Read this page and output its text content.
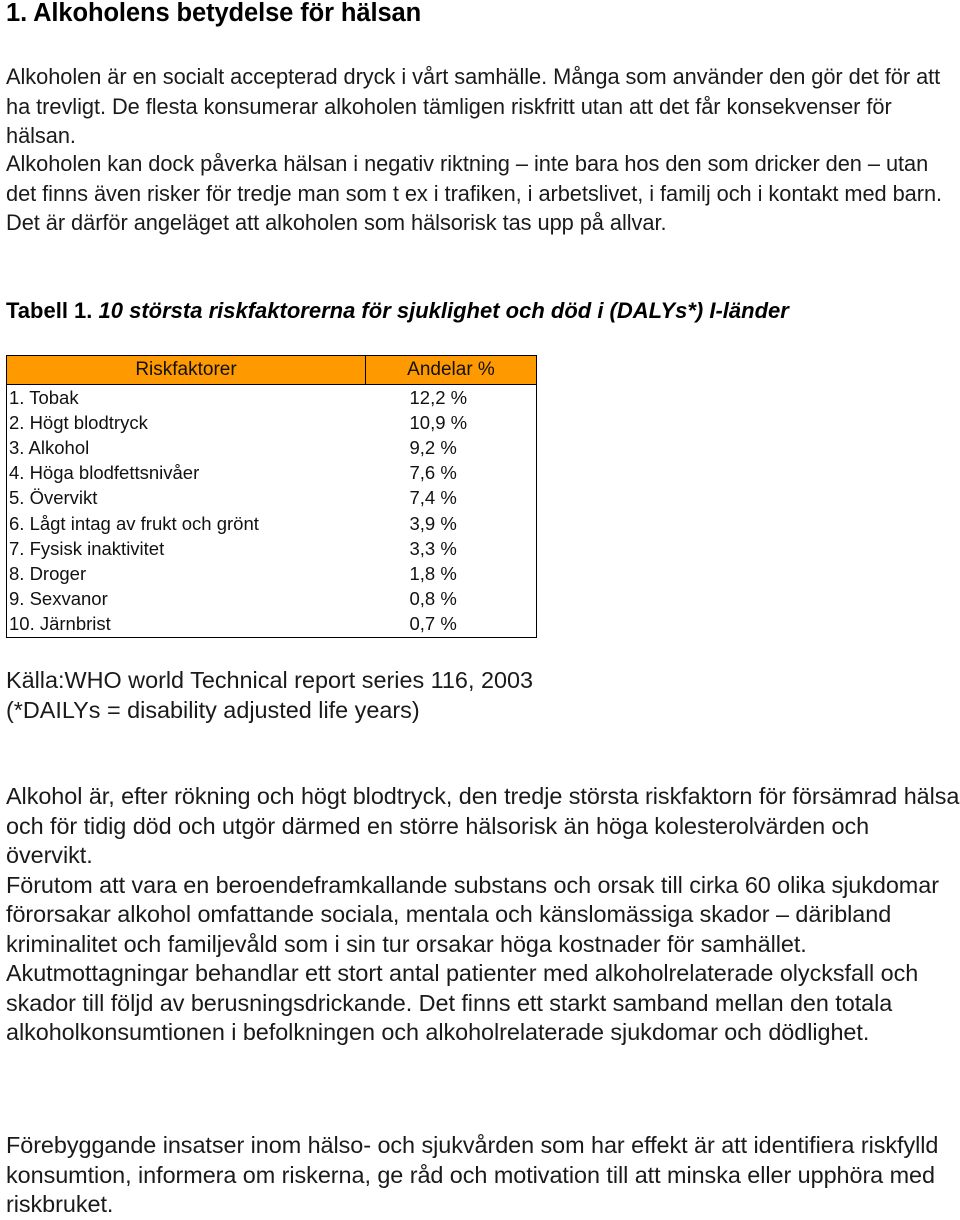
1. Alkoholens betydelse för hälsan

Alkoholen är en socialt accepterad dryck i vårt samhälle. Många som använder den gör det för att ha trevligt. De flesta konsumerar alkoholen tämligen riskfritt utan att det får konsekvenser för hälsan.

Alkoholen kan dock påverka hälsan i negativ riktning – inte bara hos den som dricker den – utan det finns även risker för tredje man som t ex i trafiken, i arbetslivet, i familj och i kontakt med barn. Det är därför angeläget att alkoholen som hälsorisk tas upp på allvar.

Tabell 1. 10 största riskfaktorerna för sjuklighet och död i (DALYs*) I-länder
Riskfaktorer	Andelar %
1. Tobak	12,2 %
2. Högt blodtryck	10,9 %
3. Alkohol	9,2 %
4. Höga blodfettsnivåer	7,6 %
5. Övervikt	7,4 %
6. Lågt intag av frukt och grönt	3,9 %
7. Fysisk inaktivitet	3,3 %
8. Droger	1,8 %
9. Sexvanor	0,8 %
10. Järnbrist	0,7 %
Källa:WHO world Technical report series 116, 2003
(*DAILYs = disability adjusted life years)
Alkohol är, efter rökning och högt blodtryck, den tredje största riskfaktorn för försämrad hälsa och för tidig död och utgör därmed en större hälsorisk än höga kolesterolvärden och övervikt.
Förutom att vara en beroendeframkallande substans och orsak till cirka 60 olika sjukdomar förorsakar alkohol omfattande sociala, mentala och känslomässiga skador – däribland kriminalitet och familjevåld som i sin tur orsakar höga kostnader för samhället.
Akutmottagningar behandlar ett stort antal patienter med alkoholrelaterade olycksfall och skador till följd av berusningsdrickande. Det finns ett starkt samband mellan den totala alkoholkonsumtionen i befolkningen och alkoholrelaterade sjukdomar och dödlighet.

Förebyggande insatser inom hälso- och sjukvården som har effekt är att identifiera riskfylld konsumtion, informera om riskerna, ge råd och motivation till att minska eller upphöra med riskbruket.
